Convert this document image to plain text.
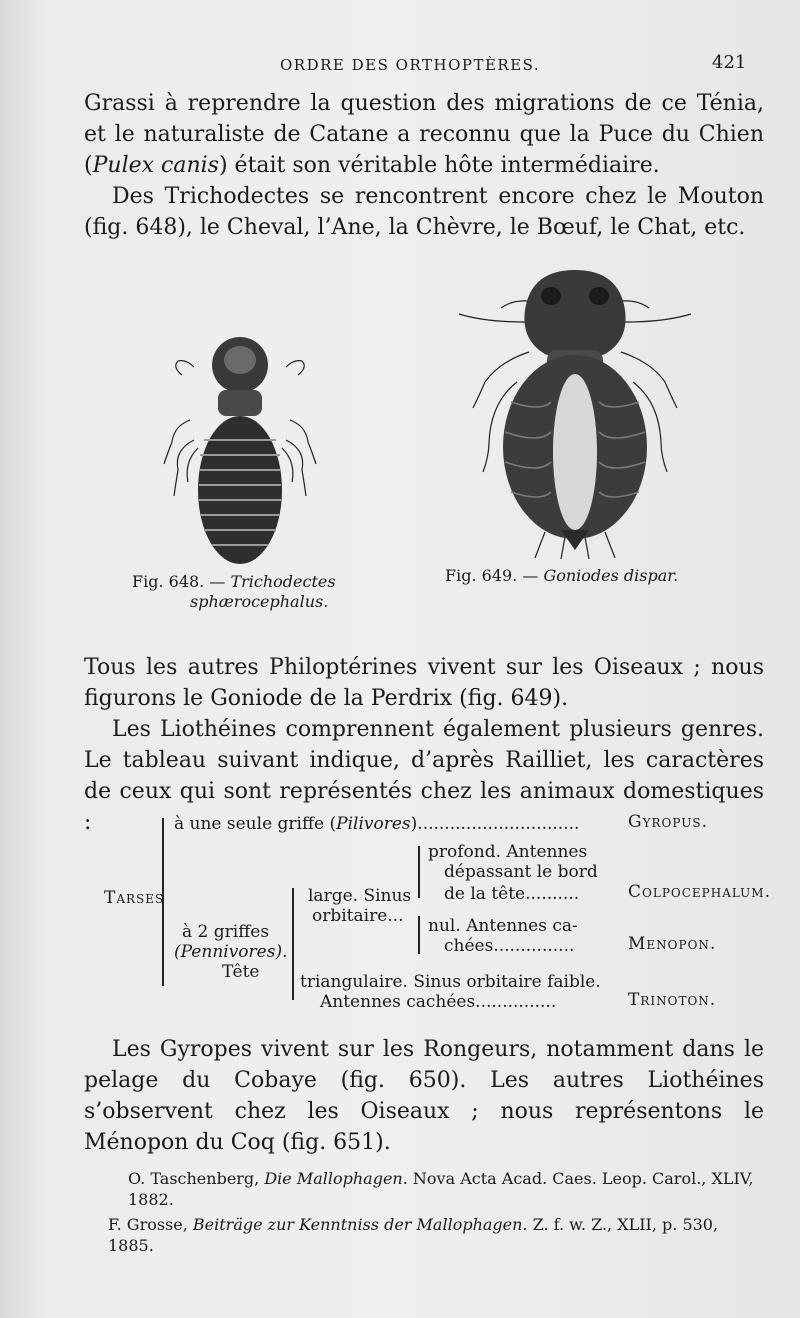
ORDRE DES ORTHOPTÈRES.	421

Grassi à reprendre la question des migrations de ce Ténia, et le naturaliste de Catane a reconnu que la Puce du Chien (Pulex canis) était son véritable hôte intermédiaire.

Des Trichodectes se rencontrent encore chez le Mouton (fig. 648), le Cheval, l’Ane, la Chèvre, le Bœuf, le Chat, etc.

Fig. 648. — Trichodectes
sphærocephalus.
Fig. 649. — Goniodes dispar.

Tous les autres Philoptérines vivent sur les Oiseaux ; nous figurons le Goniode de la Perdrix (fig. 649).

Les Liothéines comprennent également plusieurs genres. Le tableau suivant indique, d’après Railliet, les caractères de ceux qui sont représentés chez les animaux domestiques :

Tarses
à une seule griffe (Pilivores)..............................	Gyropus.
à 2 griffes
(Pennivores).
Tête
large. Sinus
orbitaire...
profond. Antennes
dépassant le bord
de la tête..........	Colpocephalum.
nul. Antennes ca-
chées...............	Menopon.
triangulaire. Sinus orbitaire faible.
Antennes cachées...............	Trinoton.

Les Gyropes vivent sur les Rongeurs, notamment dans le pelage du Cobaye (fig. 650). Les autres Liothéines s’observent chez les Oiseaux ; nous représentons le Ménopon du Coq (fig. 651).

O. Taschenberg, Die Mallophagen. Nova Acta Acad. Caes. Leop. Carol., XLIV, 1882.

F. Grosse, Beiträge zur Kenntniss der Mallophagen. Z. f. w. Z., XLII, p. 530, 1885.
